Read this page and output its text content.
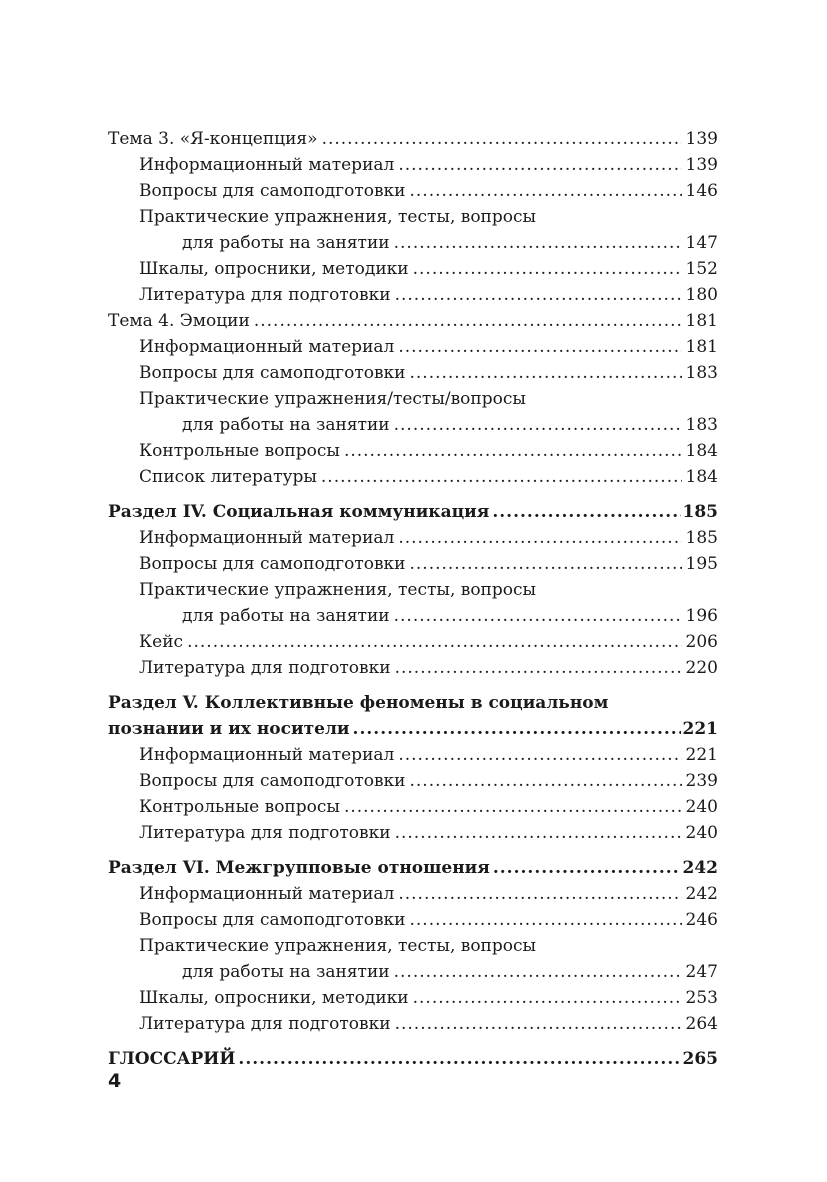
Тема 3. «Я-концепция» .....	139
Информационный материал .....	139
Вопросы для самоподготовки .....	146
Практические упражнения, тесты, вопросы
для работы на занятии .....	147
Шкалы, опросники, методики .....	152
Литература для подготовки .....	180
Тема 4. Эмоции .....	181
Информационный материал .....	181
Вопросы для самоподготовки .....	183
Практические упражнения/тесты/вопросы
для работы на занятии .....	183
Контрольные вопросы .....	184
Список литературы .....	184
Раздел IV. Социальная коммуникация .....	185
Информационный материал .....	185
Вопросы для самоподготовки .....	195
Практические упражнения, тесты, вопросы
для работы на занятии .....	196
Кейс .....	206
Литература для подготовки .....	220
Раздел V. Коллективные феномены в социальном
познании и их носители .....	221
Информационный материал .....	221
Вопросы для самоподготовки .....	239
Контрольные вопросы .....	240
Литература для подготовки .....	240
Раздел VI. Межгрупповые отношения .....	242
Информационный материал .....	242
Вопросы для самоподготовки .....	246
Практические упражнения, тесты, вопросы
для работы на занятии .....	247
Шкалы, опросники, методики .....	253
Литература для подготовки .....	264
ГЛОССАРИЙ .....	265
4
